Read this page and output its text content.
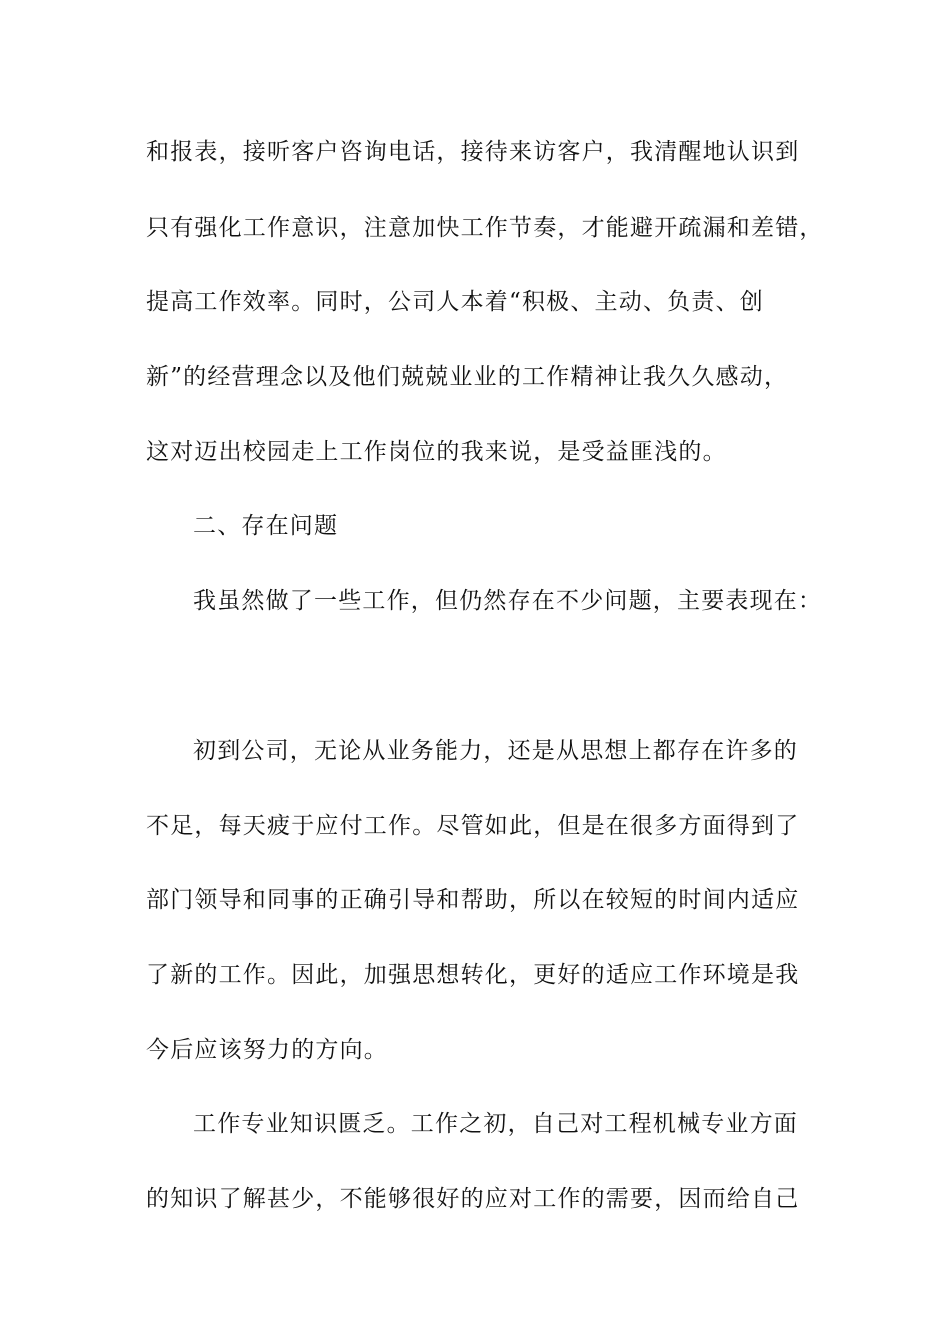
和报表，接听客户咨询电话，接待来访客户，我清醒地认识到
只有强化工作意识，注意加快工作节奏，才能避开疏漏和差错，
提高工作效率。同时，公司人本着“积极、主动、负责、创
新”的经营理念以及他们兢兢业业的工作精神让我久久感动，
这对迈出校园走上工作岗位的我来说，是受益匪浅的。
二、存在问题
我虽然做了一些工作，但仍然存在不少问题，主要表现在：
初到公司，无论从业务能力，还是从思想上都存在许多的
不足，每天疲于应付工作。尽管如此，但是在很多方面得到了
部门领导和同事的正确引导和帮助，所以在较短的时间内适应
了新的工作。因此，加强思想转化，更好的适应工作环境是我
今后应该努力的方向。
工作专业知识匮乏。工作之初，自己对工程机械专业方面
的知识了解甚少，不能够很好的应对工作的需要，因而给自己
